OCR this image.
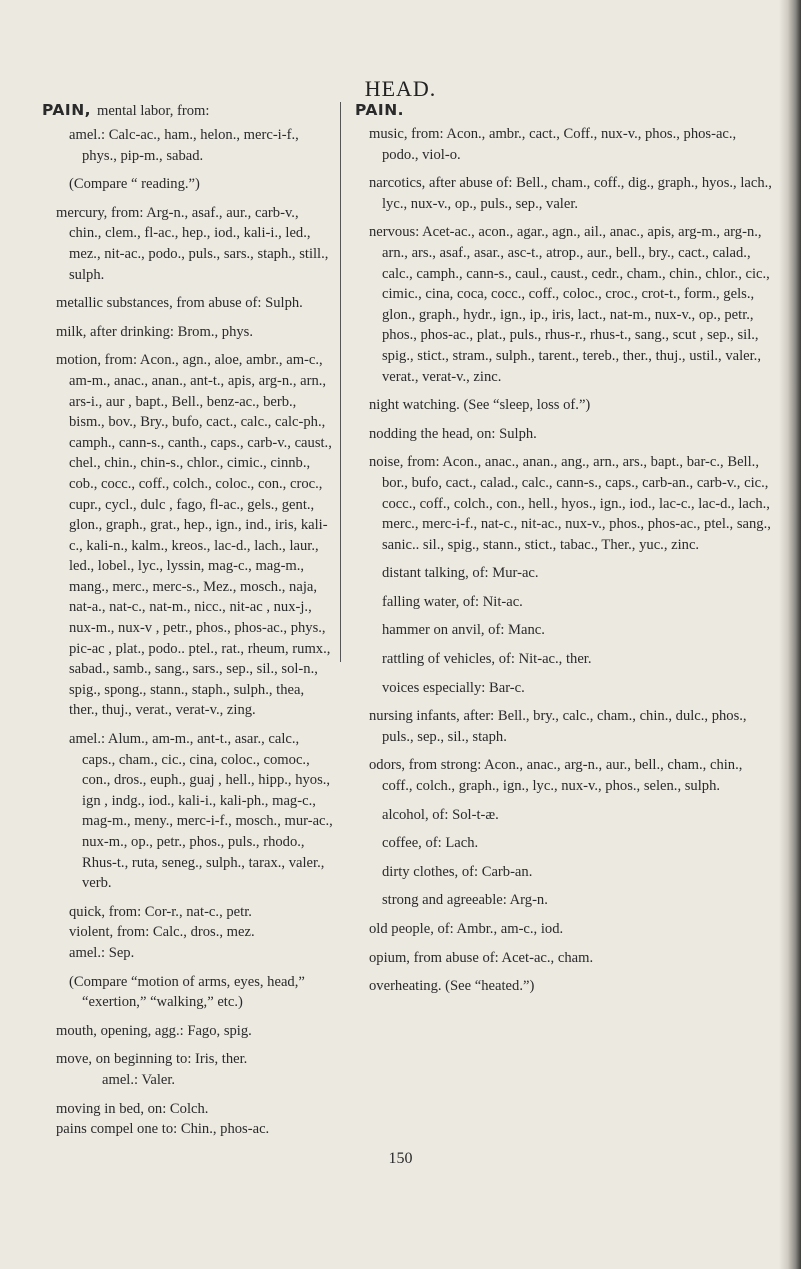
HEAD.
PAIN, mental labor, from:
amel.: Calc-ac., ham., helon., merc-i-f., phys., pip-m., sabad.
(Compare “ reading.”)
mercury, from: Arg-n., asaf., aur., carb-v., chin., clem., fl-ac., hep., iod., kali-i., led., mez., nit-ac., podo., puls., sars., staph., still., sulph.
metallic substances, from abuse of: Sulph.
milk, after drinking: Brom., phys.
motion, from: Acon., agn., aloe, ambr., am-c., am-m., anac., anan., ant-t., apis, arg-n., arn., ars-i., aur , bapt., Bell., benz-ac., berb., bism., bov., Bry., bufo, cact., calc., calc-ph., camph., cann-s., canth., caps., carb-v., caust., chel., chin., chin-s., chlor., cimic., cinnb., cob., cocc., coff., colch., coloc., con., croc., cupr., cycl., dulc , fago, fl-ac., gels., gent., glon., graph., grat., hep., ign., ind., iris, kali-c., kali-n., kalm., kreos., lac-d., lach., laur., led., lobel., lyc., lyssin, mag-c., mag-m., mang., merc., merc-s., Mez., mosch., naja, nat-a., nat-c., nat-m., nicc., nit-ac , nux-j., nux-m., nux-v , petr., phos., phos-ac., phys., pic-ac , plat., podo.. ptel., rat., rheum, rumx., sabad., samb., sang., sars., sep., sil., sol-n., spig., spong., stann., staph., sulph., thea, ther., thuj., verat., verat-v., zing.
amel.: Alum., am-m., ant-t., asar., calc., caps., cham., cic., cina, coloc., comoc., con., dros., euph., guaj , hell., hipp., hyos., ign , indg., iod., kali-i., kali-ph., mag-c., mag-m., meny., merc-i-f., mosch., mur-ac., nux-m., op., petr., phos., puls., rhodo., Rhus-t., ruta, seneg., sulph., tarax., valer., verb.
quick, from: Cor-r., nat-c., petr.
violent, from: Calc., dros., mez.
amel.: Sep.
(Compare “motion of arms, eyes, head,” “exertion,” “walking,” etc.)
mouth, opening, agg.: Fago, spig.
move, on beginning to: Iris, ther.
amel.: Valer.
moving in bed, on: Colch.
pains compel one to: Chin., phos-ac.
PAIN.
music, from: Acon., ambr., cact., Coff., nux-v., phos., phos-ac., podo., viol-o.
narcotics, after abuse of: Bell., cham., coff., dig., graph., hyos., lach., lyc., nux-v., op., puls., sep., valer.
nervous: Acet-ac., acon., agar., agn., ail., anac., apis, arg-m., arg-n., arn., ars., asaf., asar., asc-t., atrop., aur., bell., bry., cact., calad., calc., camph., cann-s., caul., caust., cedr., cham., chin., chlor., cic., cimic., cina, coca, cocc., coff., coloc., croc., crot-t., form., gels., glon., graph., hydr., ign., ip., iris, lact., nat-m., nux-v., op., petr., phos., phos-ac., plat., puls., rhus-r., rhus-t., sang., scut , sep., sil., spig., stict., stram., sulph., tarent., tereb., ther., thuj., ustil., valer., verat., verat-v., zinc.
night watching. (See “sleep, loss of.”)
nodding the head, on: Sulph.
noise, from: Acon., anac., anan., ang., arn., ars., bapt., bar-c., Bell., bor., bufo, cact., calad., calc., cann-s., caps., carb-an., carb-v., cic., cocc., coff., colch., con., hell., hyos., ign., iod., lac-c., lac-d., lach., merc., merc-i-f., nat-c., nit-ac., nux-v., phos., phos-ac., ptel., sang., sanic.. sil., spig., stann., stict., tabac., Ther., yuc., zinc.
distant talking, of: Mur-ac.
falling water, of: Nit-ac.
hammer on anvil, of: Manc.
rattling of vehicles, of: Nit-ac., ther.
voices especially: Bar-c.
nursing infants, after: Bell., bry., calc., cham., chin., dulc., phos., puls., sep., sil., staph.
odors, from strong: Acon., anac., arg-n., aur., bell., cham., chin., coff., colch., graph., ign., lyc., nux-v., phos., selen., sulph.
alcohol, of: Sol-t-æ.
coffee, of: Lach.
dirty clothes, of: Carb-an.
strong and agreeable: Arg-n.
old people, of: Ambr., am-c., iod.
opium, from abuse of: Acet-ac., cham.
overheating. (See “heated.”)
150
